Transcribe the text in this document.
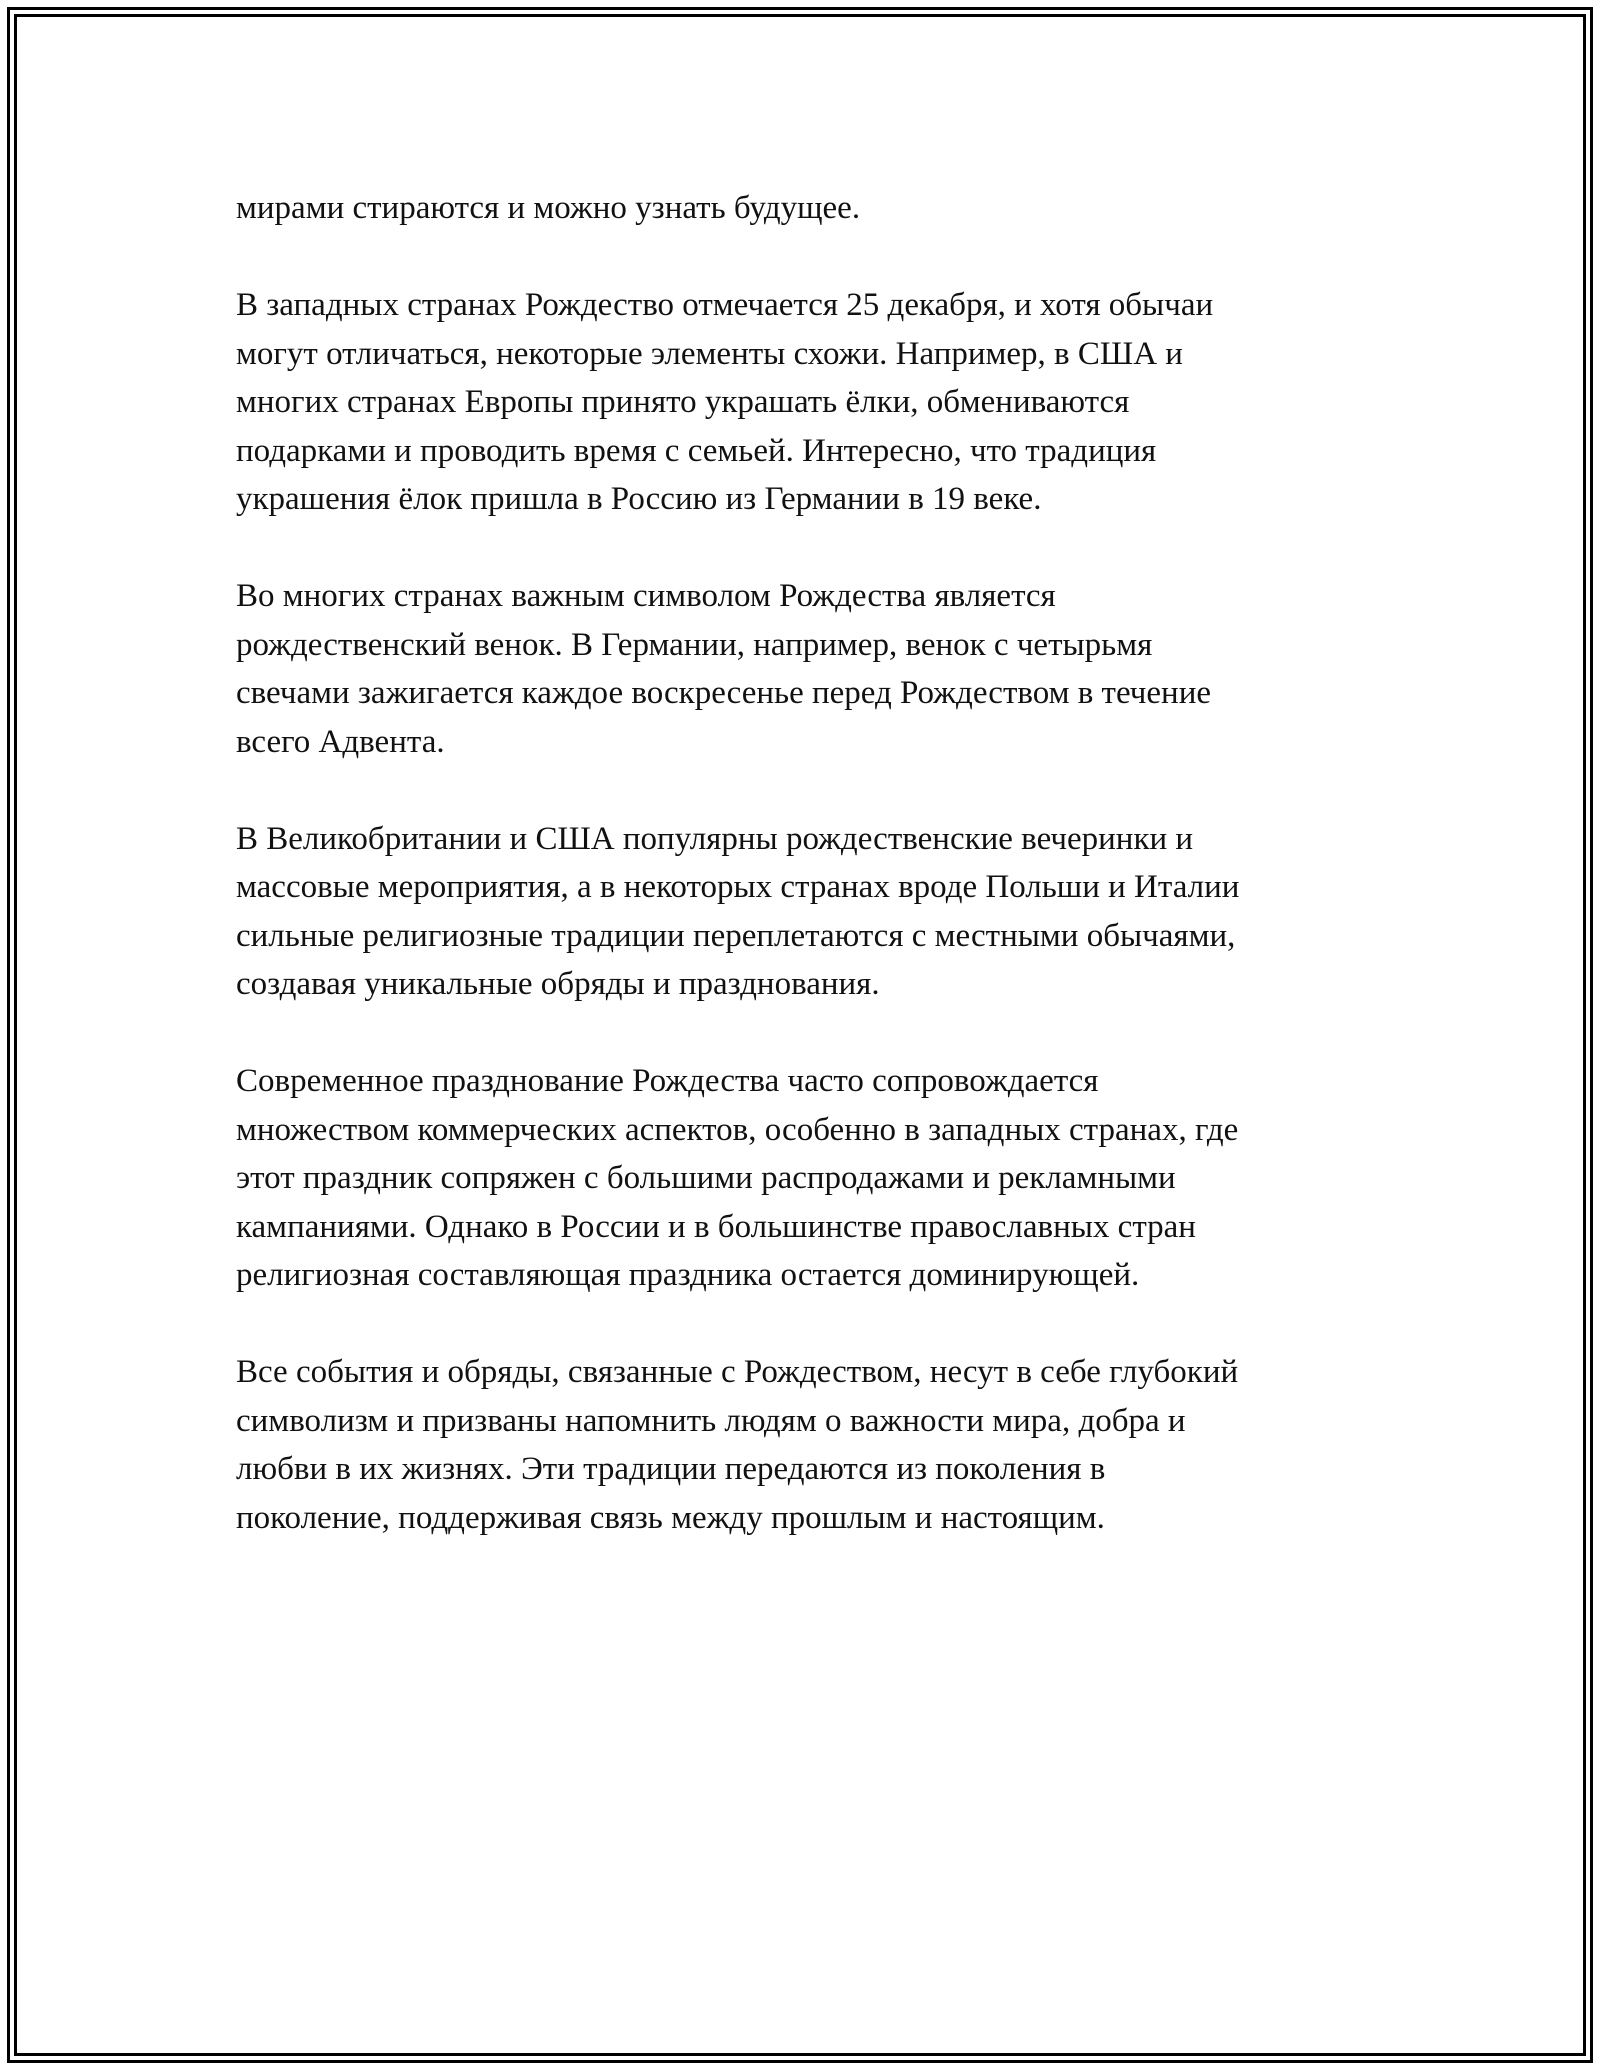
мирами стираются и можно узнать будущее.

В западных странах Рождество отмечается 25 декабря, и хотя обычаи
могут отличаться, некоторые элементы схожи. Например, в США и
многих странах Европы принято украшать ёлки, обмениваются
подарками и проводить время с семьей. Интересно, что традиция
украшения ёлок пришла в Россию из Германии в 19 веке.

Во многих странах важным символом Рождества является
рождественский венок. В Германии, например, венок с четырьмя
свечами зажигается каждое воскресенье перед Рождеством в течение
всего Адвента.

В Великобритании и США популярны рождественские вечеринки и
массовые мероприятия, а в некоторых странах вроде Польши и Италии
сильные религиозные традиции переплетаются с местными обычаями,
создавая уникальные обряды и празднования.

Современное празднование Рождества часто сопровождается
множеством коммерческих аспектов, особенно в западных странах, где
этот праздник сопряжен с большими распродажами и рекламными
кампаниями. Однако в России и в большинстве православных стран
религиозная составляющая праздника остается доминирующей.

Все события и обряды, связанные с Рождеством, несут в себе глубокий
символизм и призваны напомнить людям о важности мира, добра и
любви в их жизнях. Эти традиции передаются из поколения в
поколение, поддерживая связь между прошлым и настоящим.
